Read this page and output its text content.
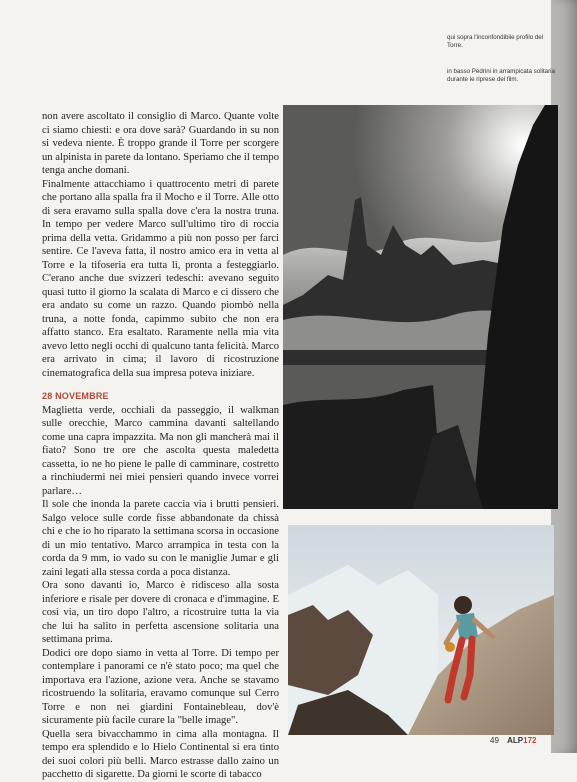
qui sopra l'inconfondibile profilo del Torre.

in basso Pedrini in arrampicata solitaria durante le riprese del film.

non avere ascoltato il consiglio di Marco. Quante volte ci siamo chiesti: e ora dove sarà? Guardando in su non si vedeva niente. È troppo grande il Torre per scorgere un alpinista in parete da lontano. Speriamo che il tempo tenga anche domani.

Finalmente attacchiamo i quattrocento metri di parete che portano alla spalla fra il Mocho e il Torre. Alle otto di sera eravamo sulla spalla dove c'era la nostra truna. In tempo per vedere Marco sull'ultimo tiro di roccia prima della vetta. Gridammo a più non posso per farci sentire. Ce l'aveva fatta, il nostro amico era in vetta al Torre e la tifoseria era tutta lì, pronta a festeggiarlo. C'erano anche due svizzeri tedeschi: avevano seguito quasi tutto il giorno la scalata di Marco e ci dissero che era andato su come un razzo. Quando piombò nella truna, a notte fonda, capimmo subito che non era affatto stanco. Era esaltato. Raramente nella mia vita avevo letto negli occhi di qualcuno tanta felicità. Marco era arrivato in cima; il lavoro di ricostruzione cinematografica della sua impresa poteva iniziare.

28 NOVEMBRE

Maglietta verde, occhiali da passeggio, il walkman sulle orecchie, Marco cammina davanti saltellando come una capra impazzita. Ma non gli mancherà mai il fiato? Sono tre ore che ascolta questa maledetta cassetta, io ne ho piene le palle di camminare, costretto a rinchiudermi nei miei pensieri quando invece vorrei parlare…

Il sole che inonda la parete caccia via i brutti pensieri. Salgo veloce sulle corde fisse abbandonate da chissà chi e che io ho riparato la settimana scorsa in occasione di un mio tentativo. Marco arrampica in testa con la corda da 9 mm, io vado su con le maniglie Jumar e gli zaini legati alla stessa corda a poca distanza.

Ora sono davanti io, Marco è ridisceso alla sosta inferiore e risale per dovere di cronaca e d'immagine. E così via, un tiro dopo l'altro, a ricostruire tutta la via che lui ha salito in perfetta ascensione solitaria una settimana prima.

Dodici ore dopo siamo in vetta al Torre. Di tempo per contemplare i panorami ce n'è stato poco; ma quel che importava era l'azione, azione vera. Anche se stavamo ricostruendo la solitaria, eravamo comunque sul Cerro Torre e non nei giardini Fontainebleau, dov'è sicuramente più facile curare la "belle image".

Quella sera bivacchammo in cima alla montagna. Il tempo era splendido e lo Hielo Continental si era tinto dei suoi colori più belli. Marco estrasse dallo zaino un pacchetto di sigarette. Da giorni le scorte di tabacco

49 ALP172
